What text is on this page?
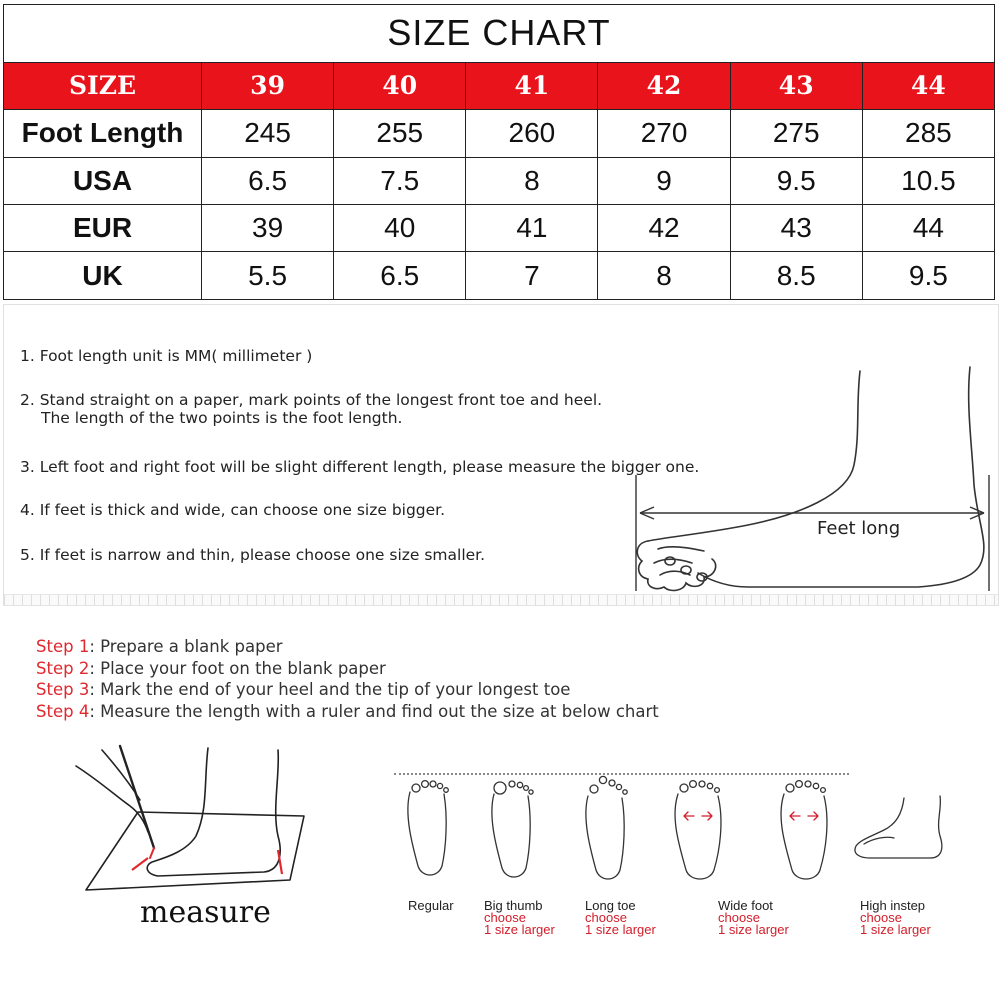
SIZE CHART						
SIZE	39	40	41	42	43	44
Foot Length	245	255	260	270	275	285
USA	6.5	7.5	8	9	9.5	10.5
EUR	39	40	41	42	43	44
UK	5.5	6.5	7	8	8.5	9.5
1. Foot length unit is MM( millimeter )
2. Stand straight on a paper, mark points of the longest front toe and heel.
The length of the two points is the foot length.
3. Left foot and right foot will be slight different length, please measure the bigger one.
4. If feet is thick and wide, can choose one size bigger.
5. If feet is narrow and thin, please choose one size smaller.
Feet long
Step 1: Prepare a blank paper
Step 2: Place your foot on the blank paper
Step 3: Mark the end of your heel and the tip of your longest toe
Step 4: Measure the length with a ruler and find out the size at below chart
measure	Regular Big thumb
choose
1 size larger
Long toe
choose
1 size larger
Wide foot
choose
1 size larger
High instep
choose
1 size larger
